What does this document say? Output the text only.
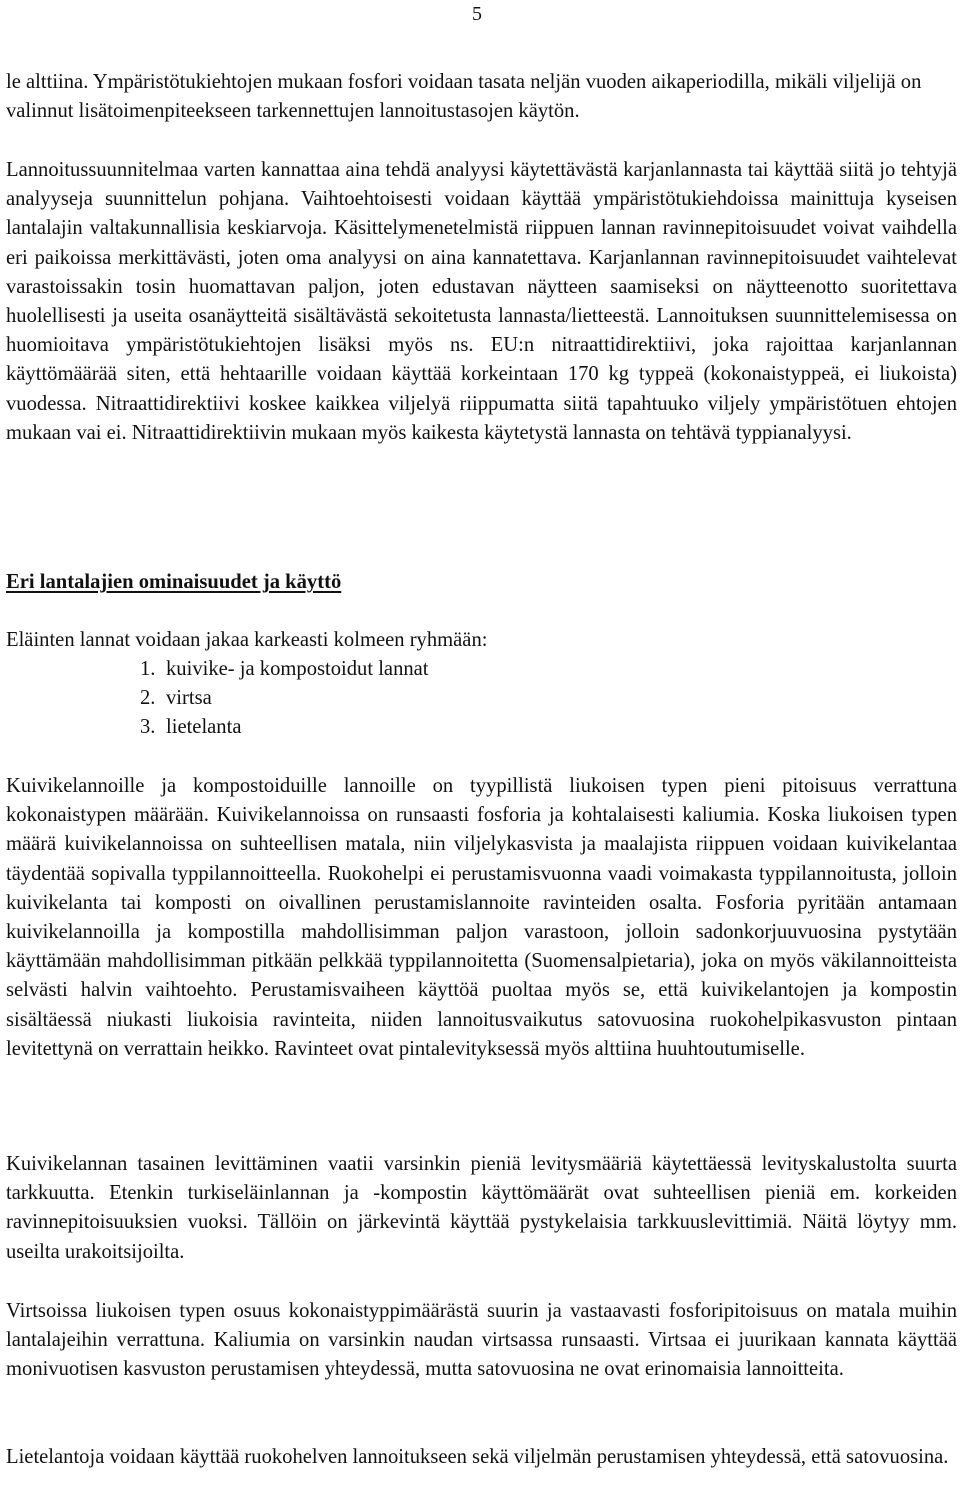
5

le alttiina. Ympäristötukiehtojen mukaan fosfori voidaan tasata neljän vuoden aikaperiodilla, mikäli viljelijä on valinnut lisätoimenpiteekseen tarkennettujen lannoitustasojen käytön.

Lannoitussuunnitelmaa varten kannattaa aina tehdä analyysi käytettävästä karjanlannasta tai käyttää siitä jo tehtyjä analyyseja suunnittelun pohjana. Vaihtoehtoisesti voidaan käyttää ympäristötukiehdoissa mainittuja kyseisen lantalajin valtakunnallisia keskiarvoja. Käsittelymenetelmistä riippuen lannan ravinnepitoisuudet voivat vaihdella eri paikoissa merkittävästi, joten oma analyysi on aina kannatettava. Karjanlannan ravinnepitoisuudet vaihtelevat varastoissakin tosin huomattavan paljon, joten edustavan näytteen saamiseksi on näytteenotto suoritettava huolellisesti ja useita osanäytteitä sisältävästä sekoitetusta lannasta/lietteestä. Lannoituksen suunnittelemisessa on huomioitava ympäristötukiehtojen lisäksi myös ns. EU:n nitraattidirektiivi, joka rajoittaa karjanlannan käyttömäärää siten, että hehtaarille voidaan käyttää korkeintaan 170 kg typpeä (kokonaistyppeä, ei liukoista) vuodessa. Nitraattidirektiivi koskee kaikkea viljelyä riippumatta siitä tapahtuuko viljely ympäristötuen ehtojen mukaan vai ei. Nitraattidirektiivin mukaan myös kaikesta käytetystä lannasta on tehtävä typpianalyysi.

Eri lantalajien ominaisuudet ja käyttö

Eläinten lannat voidaan jakaa karkeasti kolmeen ryhmään:

1. kuivike- ja kompostoidut lannat
2. virtsa
3. lietelanta

Kuivikelannoille ja kompostoiduille lannoille on tyypillistä liukoisen typen pieni pitoisuus verrattuna kokonaistypen määrään. Kuivikelannoissa on runsaasti fosforia ja kohtalaisesti kaliumia. Koska liukoisen typen määrä kuivikelannoissa on suhteellisen matala, niin viljelykasvista ja maalajista riippuen voidaan kuivikelantaa täydentää sopivalla typpilannoitteella. Ruokohelpi ei perustamisvuonna vaadi voimakasta typpilannoitusta, jolloin kuivikelanta tai komposti on oivallinen perustamislannoite ravinteiden osalta. Fosforia pyritään antamaan kuivikelannoilla ja kompostilla mahdollisimman paljon varastoon, jolloin sadonkorjuuvuosina pystytään käyttämään mahdollisimman pitkään pelkkää typpilannoitetta (Suomensalpietaria), joka on myös väkilannoitteista selvästi halvin vaihtoehto. Perustamisvaiheen käyttöä puoltaa myös se, että kuivikelantojen ja kompostin sisältäessä niukasti liukoisia ravinteita, niiden lannoitusvaikutus satovuosina ruokohelpikasvuston pintaan levitettynä on verrattain heikko. Ravinteet ovat pintalevityksessä myös alttiina huuhtoutumiselle.

Kuivikelannan tasainen levittäminen vaatii varsinkin pieniä levitysmääriä käytettäessä levityskalustolta suurta tarkkuutta. Etenkin turkiseläinlannan ja -kompostin käyttömäärät ovat suhteellisen pieniä em. korkeiden ravinnepitoisuuksien vuoksi. Tällöin on järkevintä käyttää pystykelaisia tarkkuuslevittimiä. Näitä löytyy mm. useilta urakoitsijoilta.

Virtsoissa liukoisen typen osuus kokonaistyppimäärästä suurin ja vastaavasti fosforipitoisuus on matala muihin lantalajeihin verrattuna. Kaliumia on varsinkin naudan virtsassa runsaasti. Virtsaa ei juurikaan kannata käyttää monivuotisen kasvuston perustamisen yhteydessä, mutta satovuosina ne ovat erinomaisia lannoitteita.

Lietelantoja voidaan käyttää ruokohelven lannoitukseen sekä viljelmän perustamisen yhteydessä, että satovuosina.
